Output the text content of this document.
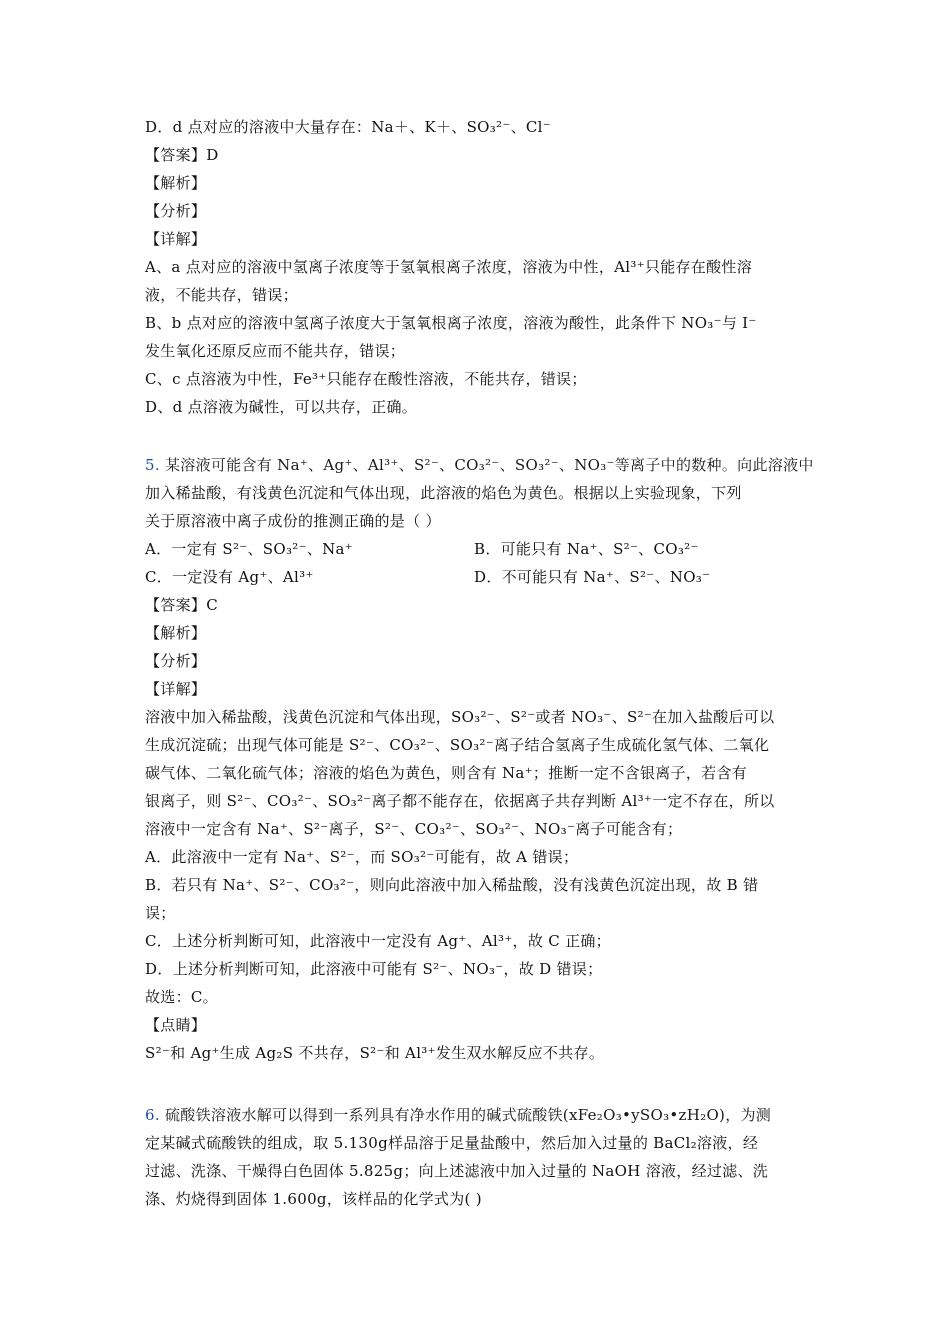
D．d 点对应的溶液中大量存在：Na＋、K＋、SO₃²⁻、Cl⁻
【答案】D
【解析】
【分析】
【详解】
A、a 点对应的溶液中氢离子浓度等于氢氧根离子浓度，溶液为中性，Al³⁺只能存在酸性溶
液，不能共存，错误；
B、b 点对应的溶液中氢离子浓度大于氢氧根离子浓度，溶液为酸性，此条件下 NO₃⁻与 I⁻
发生氧化还原反应而不能共存，错误；
C、c 点溶液为中性，Fe³⁺只能存在酸性溶液，不能共存，错误；
D、d 点溶液为碱性，可以共存，正确。
5. 某溶液可能含有 Na⁺、Ag⁺、Al³⁺、S²⁻、CO₃²⁻、SO₃²⁻、NO₃⁻等离子中的数种。向此溶液中
加入稀盐酸，有浅黄色沉淀和气体出现，此溶液的焰色为黄色。根据以上实验现象，下列
关于原溶液中离子成份的推测正确的是（ ）
A．一定有 S²⁻、SO₃²⁻、Na⁺	B．可能只有 Na⁺、S²⁻、CO₃²⁻
C．一定没有 Ag⁺、Al³⁺	D．不可能只有 Na⁺、S²⁻、NO₃⁻
【答案】C
【解析】
【分析】
【详解】
溶液中加入稀盐酸，浅黄色沉淀和气体出现，SO₃²⁻、S²⁻或者 NO₃⁻、S²⁻在加入盐酸后可以
生成沉淀硫；出现气体可能是 S²⁻、CO₃²⁻、SO₃²⁻离子结合氢离子生成硫化氢气体、二氧化
碳气体、二氧化硫气体；溶液的焰色为黄色，则含有 Na⁺；推断一定不含银离子，若含有
银离子，则 S²⁻、CO₃²⁻、SO₃²⁻离子都不能存在，依据离子共存判断 Al³⁺一定不存在，所以
溶液中一定含有 Na⁺、S²⁻离子，S²⁻、CO₃²⁻、SO₃²⁻、NO₃⁻离子可能含有；
A．此溶液中一定有 Na⁺、S²⁻，而 SO₃²⁻可能有，故 A 错误；
B．若只有 Na⁺、S²⁻、CO₃²⁻，则向此溶液中加入稀盐酸，没有浅黄色沉淀出现，故 B 错
误；
C．上述分析判断可知，此溶液中一定没有 Ag⁺、Al³⁺，故 C 正确；
D．上述分析判断可知，此溶液中可能有 S²⁻、NO₃⁻，故 D 错误；
故选：C。
【点睛】
S²⁻和 Ag⁺生成 Ag₂S 不共存，S²⁻和 Al³⁺发生双水解反应不共存。
6. 硫酸铁溶液水解可以得到一系列具有净水作用的碱式硫酸铁(xFe₂O₃•ySO₃•zH₂O)，为测
定某碱式硫酸铁的组成，取 5.130g样品溶于足量盐酸中，然后加入过量的 BaCl₂溶液，经
过滤、洗涤、干燥得白色固体 5.825g；向上述滤液中加入过量的 NaOH 溶液，经过滤、洗
涤、灼烧得到固体 1.600g，该样品的化学式为( )
